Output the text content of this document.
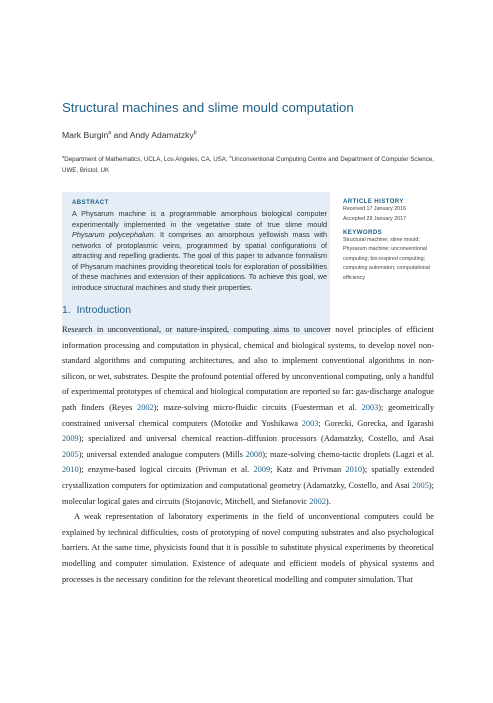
Structural machines and slime mould computation
Mark Burgin$^a$ and Andy Adamatzky$^b$
$^a$Department of Mathematics, UCLA, Los Angeles, CA, USA; $^b$Unconventional Computing Centre and Department of Computer Science, UWE, Bristol, UK
ABSTRACT
A Physarum machine is a programmable amorphous biological computer experimentally implemented in the vegetative state of true slime mould Physarum polycephalum. It comprises an amorphous yellowish mass with networks of protoplasmic veins, programmed by spatial configurations of attracting and repelling gradients. The goal of this paper to advance formalism of Physarum machines providing theoretical tools for exploration of possibilities of these machines and extension of their applications. To achieve this goal, we introduce structural machines and study their properties.
ARTICLE HISTORY
Received 17 January 2016
Accepted 29 January 2017
KEYWORDS
Structural machine; slime mould; Physarum machine; unconventional computing; bio-inspired computing; computing automaton; computational efficiency
1. Introduction

Research in unconventional, or nature-inspired, computing aims to uncover novel principles of efficient information processing and computation in physical, chemical and biological systems, to develop novel non-standard algorithms and computing architectures, and also to implement conventional algorithms in non-silicon, or wet, substrates. Despite the profound potential offered by unconventional computing, only a handful of experimental prototypes of chemical and biological computation are reported so far: gas-discharge analogue path finders (Reyes 2002); maze-solving micro-fluidic circuits (Fuesterman et al. 2003); geometrically constrained universal chemical computers (Motoike and Yoshikawa 2003; Gorecki, Gorecka, and Igarashi 2009); specialized and universal chemical reaction–diffusion processors (Adamatzky, Costello, and Asai 2005); universal extended analogue computers (Mills 2008); maze-solving chemo-tactic droplets (Lagzi et al. 2010); enzyme-based logical circuits (Privman et al. 2009; Katz and Privman 2010); spatially extended crystallization computers for optimization and computational geometry (Adamatzky, Costello, and Asai 2005); molecular logical gates and circuits (Stojanovic, Mitchell, and Stefanovic 2002).

A weak representation of laboratory experiments in the field of unconventional computers could be explained by technical difficulties, costs of prototyping of novel computing substrates and also psychological barriers. At the same time, physicists found that it is possible to substitute physical experiments by theoretical modelling and computer simulation. Existence of adequate and efficient models of physical systems and processes is the necessary condition for the relevant theoretical modelling and computer simulation. That
